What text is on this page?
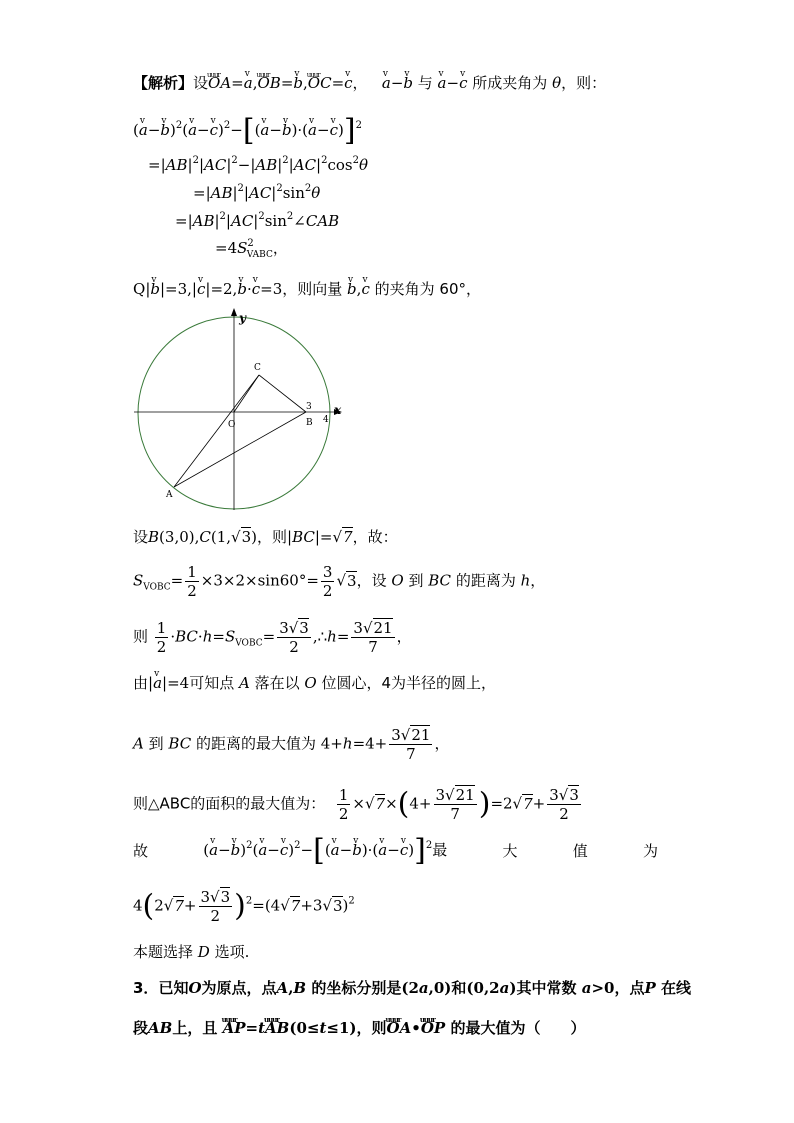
【解析】设uuur OA=v a,uuur OB=v b,uuur OC=v c，   v a−v b 与 v a−v c 所成夹角为 θ，则：
(v a−v b)$^2$(v a−v c)$^2$−[(v a−v b)·(v a−v c)]$^2$
$=|AB|^2|AC|^2-|AB|^2|AC|^2\cos^2\theta$
$=|AB|^2|AC|^2\sin^2\theta$
$=|AB|^2|AC|^2\sin^2\angle CAB$
$=4S^2_{VABC}$，
Q|v b|=3,|v c|=2,v b·v c=3，则向量 v b,v c 的夹角为 60°，
y
x
C
O	B
A
3
4
设B(3,0),C(1,√3)，则|BC|=√7，故：
$S_{VOBC}= \frac{1}{2} \times 3\times 2\times\sin 60^\circ= \frac{3}{2} √3$，设 O 到 BC 的距离为 h，
则 $\frac{1}{2} \cdot BC\cdot h=S_{VOBC}= \frac{3√3}{2}$ ,∴h= $\frac{3√21}{7}$ ，
由|v a|=4可知点 A 落在以 O 位圆心，4为半径的圆上，
A 到 BC 的距离的最大值为 $4+h=4+ \frac{3√21}{7}$ ，
则△ABC的面积的最大值为： $\frac{1}{2} \times√7\times(4+ \frac{3√21}{7} )=2√7+ \frac{3√3}{2}$
故	(v a−v b)$^2$(v a−v c)$^2$−[(v a−v b)·(v a−v c)]$^2$最	大	值	为
$4(2√7+ \frac{3√3}{2} )^2=(4√7+3√3)^2$
本题选择 D 选项.
3．已知O为原点，点A,B 的坐标分别是(2a,0)和(0,2a)其中常数 a>0，点P 在线
段AB上，且 uuur AP=tuuur AB(0≤t≤1)，则uuur OA•uuur OP 的最大值为（　　）
